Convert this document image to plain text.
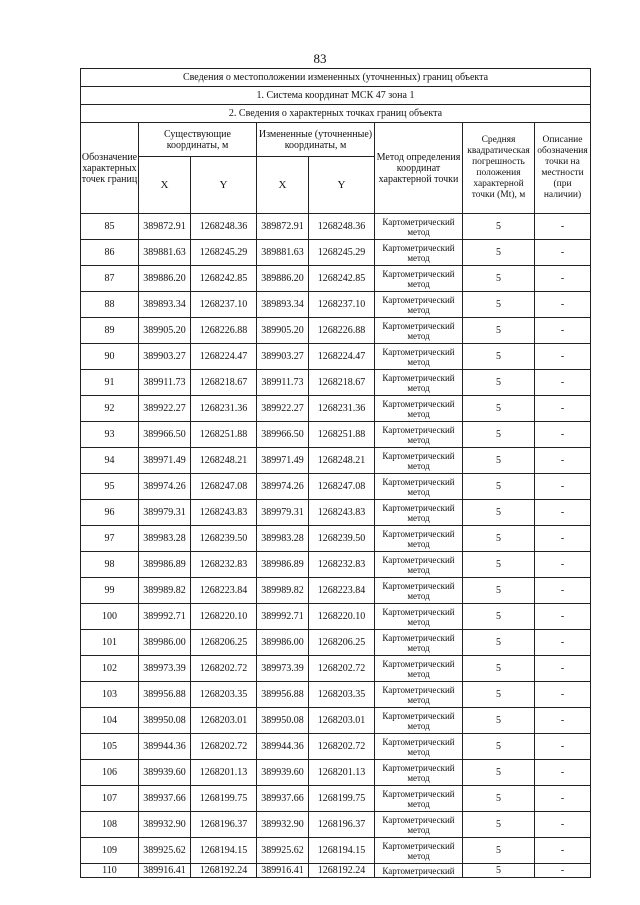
83
Сведения о местоположении измененных (уточненных) границ объекта							
1. Система координат МСК 47 зона 1							
2. Сведения о характерных точках границ объекта							
Обозначение характерных точек границ	Существующие координаты, м		Измененные (уточненные) координаты, м		Метод определения координат характерной точки	Средняя квадратическая погрешность положения характерной точки (Mt), м	Описание обозначения точки на местности (при наличии)
	X	Y	X	Y			
85	389872.91	1268248.36	389872.91	1268248.36	Картометрический метод	5	-
86	389881.63	1268245.29	389881.63	1268245.29	Картометрический метод	5	-
87	389886.20	1268242.85	389886.20	1268242.85	Картометрический метод	5	-
88	389893.34	1268237.10	389893.34	1268237.10	Картометрический метод	5	-
89	389905.20	1268226.88	389905.20	1268226.88	Картометрический метод	5	-
90	389903.27	1268224.47	389903.27	1268224.47	Картометрический метод	5	-
91	389911.73	1268218.67	389911.73	1268218.67	Картометрический метод	5	-
92	389922.27	1268231.36	389922.27	1268231.36	Картометрический метод	5	-
93	389966.50	1268251.88	389966.50	1268251.88	Картометрический метод	5	-
94	389971.49	1268248.21	389971.49	1268248.21	Картометрический метод	5	-
95	389974.26	1268247.08	389974.26	1268247.08	Картометрический метод	5	-
96	389979.31	1268243.83	389979.31	1268243.83	Картометрический метод	5	-
97	389983.28	1268239.50	389983.28	1268239.50	Картометрический метод	5	-
98	389986.89	1268232.83	389986.89	1268232.83	Картометрический метод	5	-
99	389989.82	1268223.84	389989.82	1268223.84	Картометрический метод	5	-
100	389992.71	1268220.10	389992.71	1268220.10	Картометрический метод	5	-
101	389986.00	1268206.25	389986.00	1268206.25	Картометрический метод	5	-
102	389973.39	1268202.72	389973.39	1268202.72	Картометрический метод	5	-
103	389956.88	1268203.35	389956.88	1268203.35	Картометрический метод	5	-
104	389950.08	1268203.01	389950.08	1268203.01	Картометрический метод	5	-
105	389944.36	1268202.72	389944.36	1268202.72	Картометрический метод	5	-
106	389939.60	1268201.13	389939.60	1268201.13	Картометрический метод	5	-
107	389937.66	1268199.75	389937.66	1268199.75	Картометрический метод	5	-
108	389932.90	1268196.37	389932.90	1268196.37	Картометрический метод	5	-
109	389925.62	1268194.15	389925.62	1268194.15	Картометрический метод	5	-
110	389916.41	1268192.24	389916.41	1268192.24	Картометрический	5	-
